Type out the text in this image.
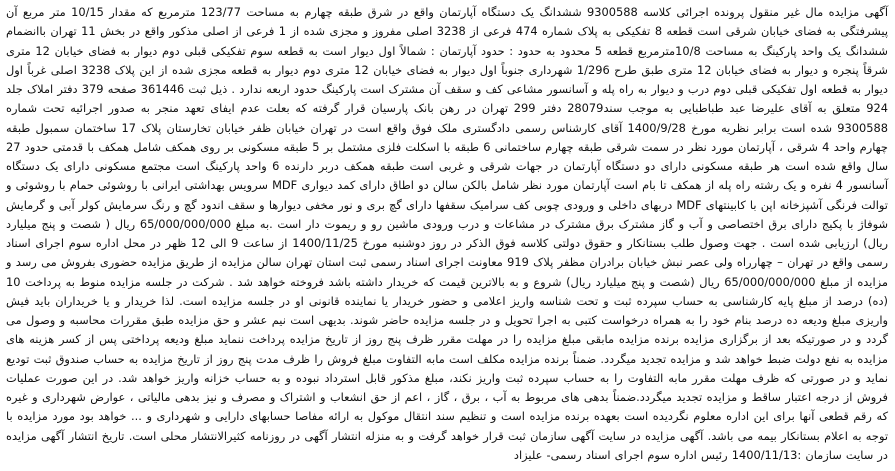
آگهی مزایده مال غیر منقول پرونده اجرائی کلاسه 9300588 ششدانگ یک دستگاه آپارتمان واقع در شرق طبقه چهارم به مساحت 123/77 مترمربع که مقدار 10/15 متر مربع آن پیشرفتگی به فضای خیابان شرقی است قطعه 8 تفکیکی به پلاک شماره 474 فرعی از 3238 اصلی مفروز و مجزی شده از 1 فرعی از اصلی مذکور واقع در بخش 11 تهران باانضمام ششدانگ یک واحد پارکینگ به مساحت 10/8مترمربع قطعه 5 محدود به حدود : حدود آپارتمان : شمالاً اول دیوار است به قطعه سوم تفکیکی قبلی دوم دیوار به فضای خیابان 12 متری شرقاً پنجره و دیوار به فضای خیابان 12 متری طبق طرح 1/296 شهرداری جنوباً اول دیوار به فضای خیابان 12 متری دوم دیوار به قطعه مجزی شده از این پلاک 3238 اصلی غرباً اول دیوار به قطعه اول تفکیکی قبلی دوم درب و دیوار به راه پله و آسانسور مشاعی کف و سقف آن مشترک است پارکینگ حدود اربعه ندارد . ذیل ثبت 361446 صفحه 379 دفتر املاک جلد 924 متعلق به آقای علیرضا عبد طباطبایی به موجب سند28079 دفتر 299 تهران در رهن بانک پارسیان قرار گرفته که بعلت عدم ایفای تعهد منجر به صدور اجرائیه تحت شماره 9300588 شده است برابر نظریه مورخ 1400/9/28 آقای کارشناس رسمی دادگستری ملک فوق واقع است در تهران خیابان ظفر خیابان تخارستان پلاک 17 ساختمان سمبول طبقه چهارم واحد 4 شرقی ، آپارتمان مورد نظر در سمت شرقی طبقه چهارم ساختمانی 6 طبقه با اسکلت فلزی مشتمل بر 5 طبقه مسکونی بر روی همکف شامل همکف با قدمتی حدود 27 سال واقع شده است هر طبقه مسکونی دارای دو دستگاه آپارتمان در جهات شرقی و غربی است طبقه همکف دربر دارنده 6 واحد پارکینگ است مجتمع مسکونی دارای یک دستگاه آسانسور 4 نفره و یک رشته راه پله از همکف تا بام است آپارتمان مورد نظر شامل بالکن سالن دو اطاق دارای کمد دیواری MDF سرویس بهداشتی ایرانی با روشوئی حمام با روشوئی و توالت فرنگی آشپزخانه اپن با کابینتهای MDF دربهای داخلی و ورودی چوبی کف سرامیک سقفها دارای گچ بری و نور مخفی دیوارها و سقف اندود گچ و رنگ سرمایش کولر آبی و گرمایش شوفاژ با پکیج دارای برق اختصاصی و آب و گاز مشترک برق مشترک در مشاعات و درب ورودی ماشین رو و ریموت دار است .به مبلغ 65/000/000/000 ریال ( شصت و پنج میلیارد ریال) ارزیابی شده است . جهت وصول طلب بستانکار و حقوق دولتی کلاسه فوق الذکر در روز دوشنبه مورخ 1400/11/25 از ساعت 9 الی 12 ظهر در محل اداره سوم اجرای اسناد رسمی واقع در تهران – چهارراه ولی عصر نبش خیابان برادران مظفر پلاک 919 معاونت اجرای اسناد رسمی ثبت استان تهران سالن مزایده از طریق مزایده حضوری بفروش می رسد و مزایده از مبلغ 65/000/000/000 ریال (شصت و پنج میلیارد ریال) شروع و به بالاترین قیمت که خریدار داشته باشد فروخته خواهد شد . شرکت در جلسه مزایده منوط به پرداخت 10 (ده) درصد از مبلغ پایه کارشناسی به حساب سپرده ثبت و تحت شناسه واریز اعلامی و حضور خریدار یا نماینده قانونی او در جلسه مزایده است. لذا خریدار و یا خریداران باید فیش واریزی مبلغ ودیعه ده درصد بنام خود را به همراه درخواست کتبی به اجرا تحویل و در جلسه مزایده حاضر شوند. بدیهی است نیم عشر و حق مزایده طبق مقررات محاسبه و وصول می گردد و در صورتیکه بعد از برگزاری مزایده برنده مزایده مابقی مبلغ مزایده را در مهلت مقرر ظرف پنج روز از تاریخ مزایده پرداخت ننماید مبلغ ودیعه پرداختی پس از کسر هزینه های مزایده به نفع دولت ضبط خواهد شد و مزایده تجدید میگردد. ضمناً برنده مزایده مکلف است مابه التفاوت مبلغ فروش را ظرف مدت پنج روز از تاریخ مزایده به حساب صندوق ثبت تودیع نماید و در صورتی که ظرف مهلت مقرر مابه التفاوت را به حساب سپرده ثبت واریز نکند، مبلغ مذکور قابل استرداد نبوده و به حساب خزانه واریز خواهد شد. در این صورت عملیات فروش از درجه اعتبار ساقط و مزایده تجدید میگردد.ضمناً بدهی های مربوط به آب ، برق ، گاز ، اعم از حق انشعاب و اشتراک و مصرف و نیز بدهی مالیاتی ، عوارض شهرداری و غیره که رقم قطعی آنها برای این اداره معلوم نگردیده است بعهده برنده مزایده است و تنظیم سند انتقال موکول به ارائه مفاصا حسابهای دارایی و شهرداری و ... خواهد بود مورد مزایده با توجه به اعلام بستانکار بیمه می باشد. آگهی مزایده در سایت آگهی سازمان ثبت قرار خواهد گرفت و به منزله انتشار آگهی در روزنامه کثیرالانتشار محلی است. تاریخ انتشار آگهی مزایده در سایت سازمان :1400/11/13 رئیس اداره سوم اجرای اسناد رسمی- علیزاد
